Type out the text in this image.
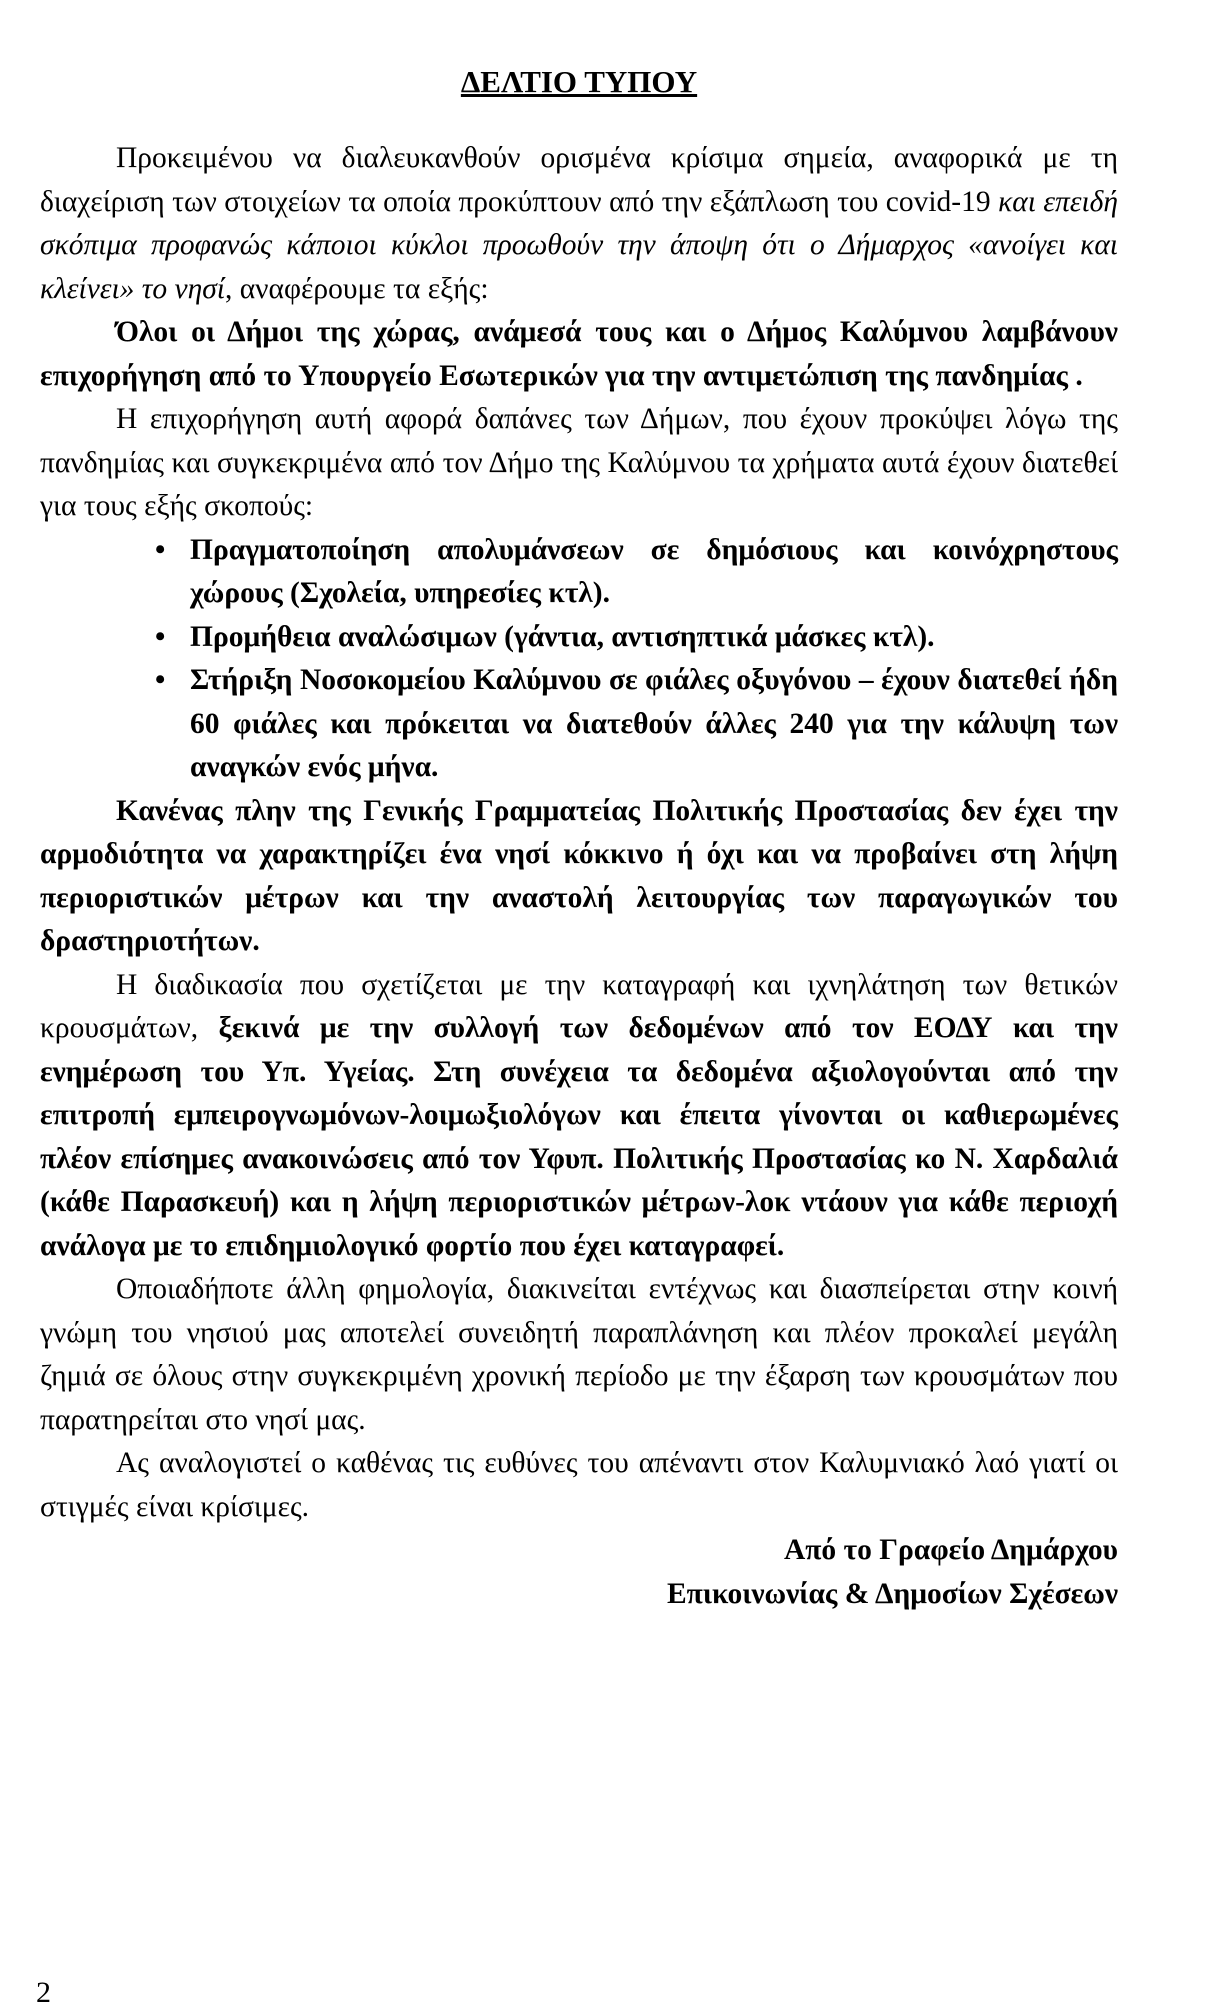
ΔΕΛΤΙΟ ΤΥΠΟΥ

Προκειμένου να διαλευκανθούν ορισμένα κρίσιμα σημεία, αναφορικά με τη διαχείριση των στοιχείων τα οποία προκύπτουν από την εξάπλωση του covid-19 και επειδή σκόπιμα προφανώς κάποιοι κύκλοι προωθούν την άποψη ότι ο Δήμαρχος «ανοίγει και κλείνει» το νησί, αναφέρουμε τα εξής:

Όλοι οι Δήμοι της χώρας, ανάμεσά τους και ο Δήμος Καλύμνου λαμβάνουν επιχορήγηση από το Υπουργείο Εσωτερικών για την αντιμετώπιση της πανδημίας .

Η επιχορήγηση αυτή αφορά δαπάνες των Δήμων, που έχουν προκύψει λόγω της πανδημίας και συγκεκριμένα από τον Δήμο της Καλύμνου τα χρήματα αυτά έχουν διατεθεί για τους εξής σκοπούς:

• Πραγματοποίηση απολυμάνσεων σε δημόσιους και κοινόχρηστους χώρους (Σχολεία, υπηρεσίες κτλ).
• Προμήθεια αναλώσιμων (γάντια, αντισηπτικά μάσκες κτλ).
• Στήριξη Νοσοκομείου Καλύμνου σε φιάλες οξυγόνου – έχουν διατεθεί ήδη 60 φιάλες και πρόκειται να διατεθούν άλλες 240 για την κάλυψη των αναγκών ενός μήνα.

Κανένας πλην της Γενικής Γραμματείας Πολιτικής Προστασίας δεν έχει την αρμοδιότητα να χαρακτηρίζει ένα νησί κόκκινο ή όχι και να προβαίνει στη λήψη περιοριστικών μέτρων και την αναστολή λειτουργίας των παραγωγικών του δραστηριοτήτων.

Η διαδικασία που σχετίζεται με την καταγραφή και ιχνηλάτηση των θετικών κρουσμάτων, ξεκινά με την συλλογή των δεδομένων από τον ΕΟΔΥ και την ενημέρωση του Υπ. Υγείας. Στη συνέχεια τα δεδομένα αξιολογούνται από την επιτροπή εμπειρογνωμόνων-λοιμωξιολόγων και έπειτα γίνονται οι καθιερωμένες πλέον επίσημες ανακοινώσεις από τον Υφυπ. Πολιτικής Προστασίας κο Ν. Χαρδαλιά (κάθε Παρασκευή) και η λήψη περιοριστικών μέτρων-λοκ ντάουν για κάθε περιοχή ανάλογα με το επιδημιολογικό φορτίο που έχει καταγραφεί.

Οποιαδήποτε άλλη φημολογία, διακινείται εντέχνως και διασπείρεται στην κοινή γνώμη του νησιού μας αποτελεί συνειδητή παραπλάνηση και πλέον προκαλεί μεγάλη ζημιά σε όλους στην συγκεκριμένη χρονική περίοδο με την έξαρση των κρουσμάτων που παρατηρείται στο νησί μας.

Ας αναλογιστεί ο καθένας τις ευθύνες του απέναντι στον Καλυμνιακό λαό γιατί οι στιγμές είναι κρίσιμες.

Από το Γραφείο Δημάρχου
Επικοινωνίας & Δημοσίων Σχέσεων
2
